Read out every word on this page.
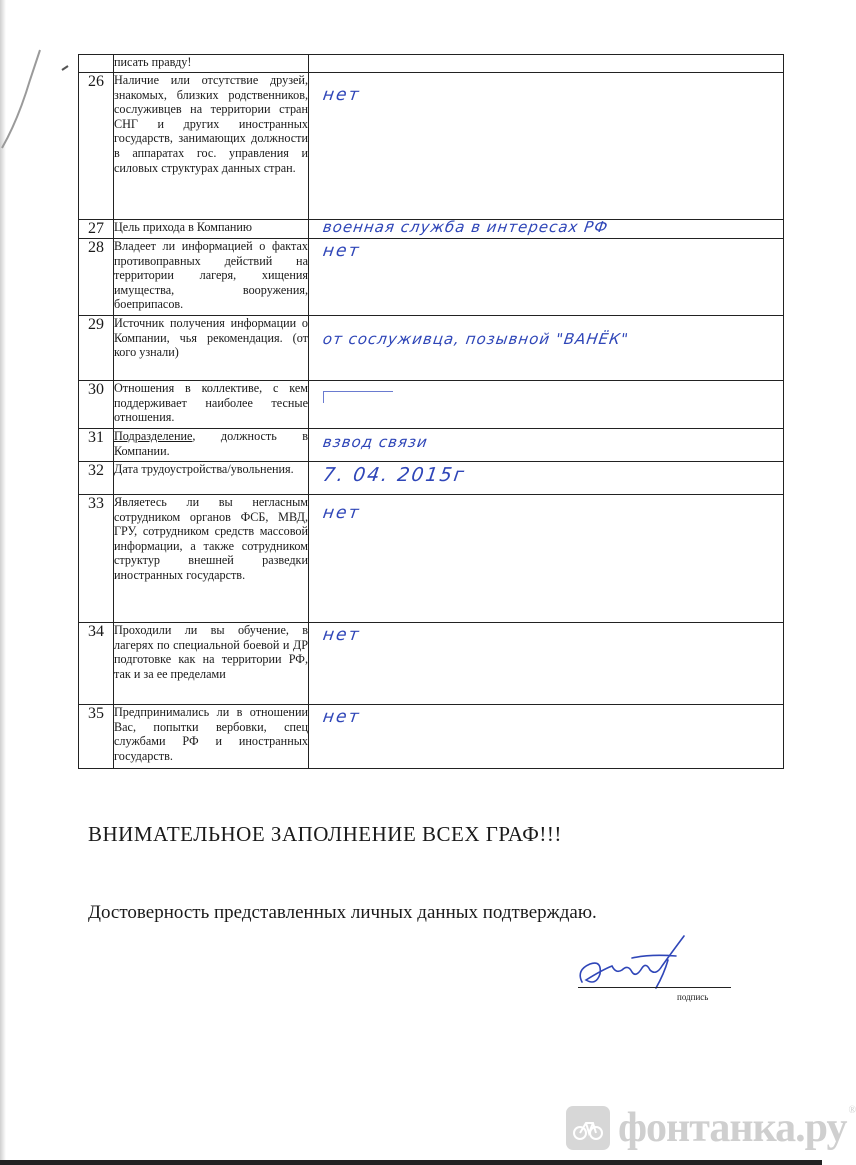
	писать правду!	
26	Наличие или отсутствие друзей, знакомых, близких родственников, сослуживцев на территории стран СНГ и других иностранных государств, занимающих должности в аппаратах гос. управления и силовых структурах данных стран.	нет

27	Цель прихода в Компанию	военная служба в интересах РФ

28	Владеет ли информацией о фактах противоправных действий на территории лагеря, хищения имущества, вооружения, боеприпасов.	нет

29	Источник получения информации о Компании, чья рекомендация. (от кого узнали)	от сослуживца, позывной "ВАНЁК"

30	Отношения в коллективе, с кем поддерживает наиболее тесные отношения.	

31	Подразделение, должность в Компании.	взвод связи

32	Дата трудоустройства/увольнения.	7. 04. 2015г

33	Являетесь ли вы негласным сотрудником органов ФСБ, МВД, ГРУ, сотрудником средств массовой информации, а также сотрудником структур внешней разведки иностранных государств.	нет

34	Проходили ли вы обучение, в лагерях по специальной боевой и ДР подготовке как на территории РФ, так и за ее пределами	нет

35	Предпринимались ли в отношении Вас, попытки вербовки, спец службами РФ и иностранных государств.	нет
ВНИМАТЕЛЬНОЕ ЗАПОЛНЕНИЕ ВСЕХ ГРАФ!!!
Достоверность представленных личных данных подтверждаю.
подпись
фонтанка.ру ®
